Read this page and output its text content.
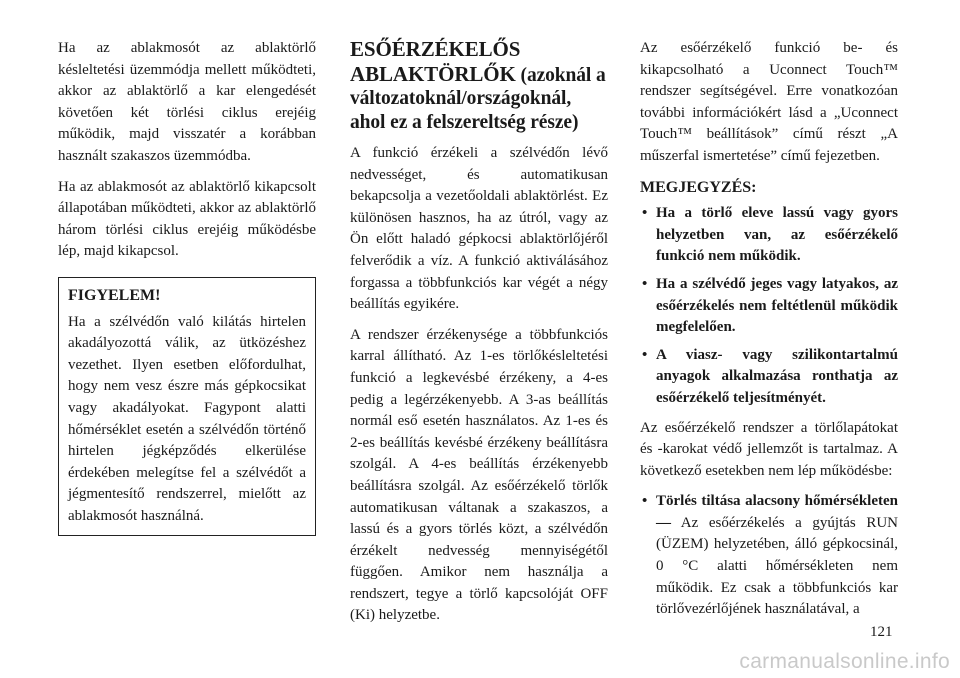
Ha az ablakmosót az ablaktörlő késleltetési üzemmódja mellett működteti, akkor az ablaktörlő a kar elengedését követően két törlési ciklus erejéig működik, majd visszatér a korábban használt szakaszos üzemmódba.

Ha az ablakmosót az ablaktörlő kikapcsolt állapotában működteti, akkor az ablaktörlő három törlési ciklus erejéig működésbe lép, majd kikapcsol.

FIGYELEM!

Ha a szélvédőn való kilátás hirtelen akadályozottá válik, az ütközéshez vezethet. Ilyen esetben előfordulhat, hogy nem vesz észre más gépkocsikat vagy akadályokat. Fagypont alatti hőmérséklet esetén a szélvédőn történő hirtelen jégképződés elkerülése érdekében melegítse fel a szélvédőt a jégmentesítő rendszerrel, mielőtt az ablakmosót használná.

ESŐÉRZÉKELŐS ABLAKTÖRLŐK (azoknál a változatoknál/országoknál, ahol ez a felszereltség része)

A funkció érzékeli a szélvédőn lévő nedvességet, és automatikusan bekapcsolja a vezetőoldali ablaktörlést. Ez különösen hasznos, ha az útról, vagy az Ön előtt haladó gépkocsi ablaktörlőjéről felverődik a víz. A funkció aktiválásához forgassa a többfunkciós kar végét a négy beállítás egyikére.

A rendszer érzékenysége a többfunkciós karral állítható. Az 1-es törlőkésleltetési funkció a legkevésbé érzékeny, a 4-es pedig a legérzékenyebb. A 3-as beállítás normál eső esetén használatos. Az 1-es és 2-es beállítás kevésbé érzékeny beállításra szolgál. A 4-es beállítás érzékenyebb beállításra szolgál. Az esőérzékelő törlők automatikusan váltanak a szakaszos, a lassú és a gyors törlés közt, a szélvédőn érzékelt nedvesség mennyiségétől függően. Amikor nem használja a rendszert, tegye a törlő kapcsolóját OFF (Ki) helyzetbe.

Az esőérzékelő funkció be- és kikapcsolható a Uconnect Touch™ rendszer segítségével. Erre vonatkozóan további információkért lásd a „Uconnect Touch™ beállítások” című részt „A műszerfal ismertetése” című fejezetben.

MEGJEGYZÉS:
• Ha a törlő eleve lassú vagy gyors helyzetben van, az esőérzékelő funkció nem működik.
• Ha a szélvédő jeges vagy latyakos, az esőérzékelés nem feltétlenül működik megfelelően.
• A viasz- vagy szilikontartalmú anyagok alkalmazása ronthatja az esőérzékelő teljesítményét.

Az esőérzékelő rendszer a törlőlapátokat és -karokat védő jellemzőt is tartalmaz. A következő esetekben nem lép működésbe:

• Törlés tiltása alacsony hőmérsékleten — Az esőérzékelés a gyújtás RUN (ÜZEM) helyzetében, álló gépkocsinál, 0 °C alatti hőmérsékleten nem működik. Ez csak a többfunkciós kar törlővezérlőjének használatával, a
121
carmanualsonline.info
